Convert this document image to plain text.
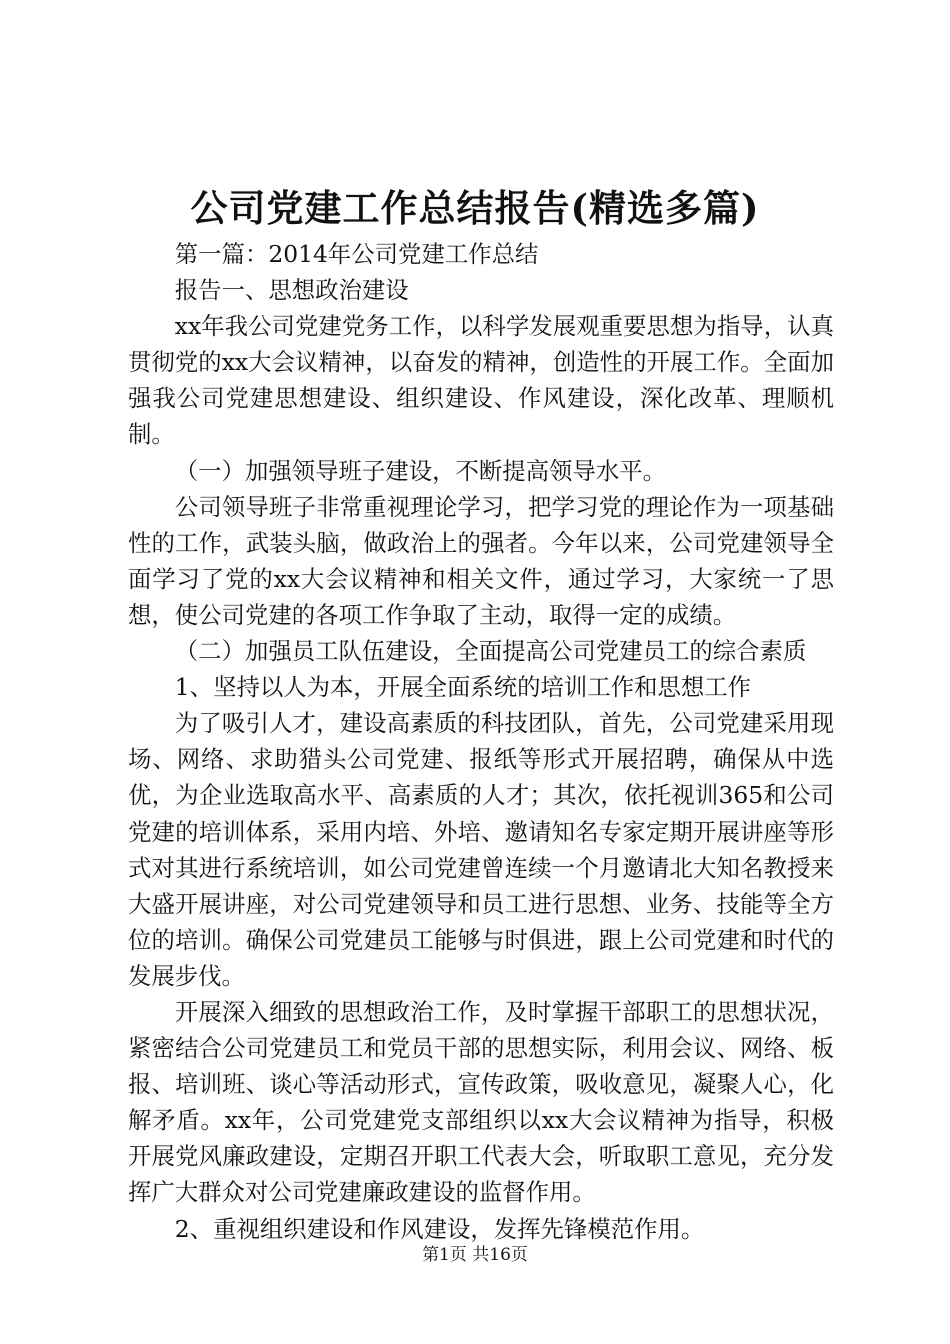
公司党建工作总结报告(精选多篇)

第一篇：2014年公司党建工作总结

报告一、思想政治建设

xx年我公司党建党务工作，以科学发展观重要思想为指导，认真贯彻党的xx大会议精神，以奋发的精神，创造性的开展工作。全面加强我公司党建思想建设、组织建设、作风建设，深化改革、理顺机制。

（一）加强领导班子建设，不断提高领导水平。

公司领导班子非常重视理论学习，把学习党的理论作为一项基础性的工作，武装头脑，做政治上的强者。今年以来，公司党建领导全面学习了党的xx大会议精神和相关文件，通过学习，大家统一了思想，使公司党建的各项工作争取了主动，取得一定的成绩。

（二）加强员工队伍建设，全面提高公司党建员工的综合素质

1、坚持以人为本，开展全面系统的培训工作和思想工作

为了吸引人才，建设高素质的科技团队，首先，公司党建采用现场、网络、求助猎头公司党建、报纸等形式开展招聘，确保从中选优，为企业选取高水平、高素质的人才；其次，依托视训365和公司党建的培训体系，采用内培、外培、邀请知名专家定期开展讲座等形式对其进行系统培训，如公司党建曾连续一个月邀请北大知名教授来大盛开展讲座，对公司党建领导和员工进行思想、业务、技能等全方位的培训。确保公司党建员工能够与时俱进，跟上公司党建和时代的发展步伐。

开展深入细致的思想政治工作，及时掌握干部职工的思想状况，紧密结合公司党建员工和党员干部的思想实际，利用会议、网络、板报、培训班、谈心等活动形式，宣传政策，吸收意见，凝聚人心，化解矛盾。xx年，公司党建党支部组织以xx大会议精神为指导，积极开展党风廉政建设，定期召开职工代表大会，听取职工意见，充分发挥广大群众对公司党建廉政建设的监督作用。

2、重视组织建设和作风建设，发挥先锋模范作用。

第1页 共16页
